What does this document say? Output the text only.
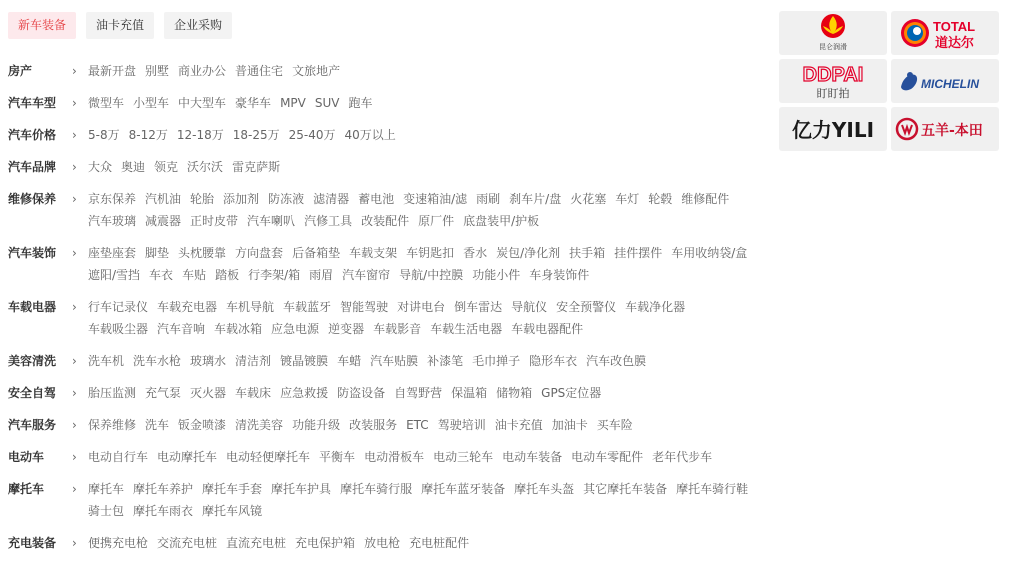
新车装备	油卡充值	企业采购
房产	› 最新开盘 别墅 商业办公 普通住宅 文旅地产
汽车车型	› 微型车 小型车 中大型车 豪华车 MPV SUV 跑车
汽车价格	› 5-8万 8-12万 12-18万 18-25万 25-40万 40万以上
汽车品牌	› 大众 奥迪 领克 沃尔沃 雷克萨斯
维修保养	› 京东保养 汽机油 轮胎 添加剂 防冻液 滤清器 蓄电池 变速箱油/滤 雨刷 刹车片/盘 火花塞 车灯 轮毂 维修配件
汽车玻璃 减震器 正时皮带 汽车喇叭 汽修工具 改装配件 原厂件 底盘装甲/护板
汽车装饰	› 座垫座套 脚垫 头枕腰靠 方向盘套 后备箱垫 车载支架 车钥匙扣 香水 炭包/净化剂 扶手箱 挂件摆件 车用收纳袋/盒
遮阳/雪挡 车衣 车贴 踏板 行李架/箱 雨眉 汽车窗帘 导航/中控膜 功能小件 车身装饰件
车载电器	› 行车记录仪 车载充电器 车机导航 车载蓝牙 智能驾驶 对讲电台 倒车雷达 导航仪 安全预警仪 车载净化器
车载吸尘器 汽车音响 车载冰箱 应急电源 逆变器 车载影音 车载生活电器 车载电器配件
美容清洗	› 洗车机 洗车水枪 玻璃水 清洁剂 镀晶镀膜 车蜡 汽车贴膜 补漆笔 毛巾掸子 隐形车衣 汽车改色膜
安全自驾	› 胎压监测 充气泵 灭火器 车载床 应急救援 防盗设备 自驾野营 保温箱 储物箱 GPS定位器
汽车服务	› 保养维修 洗车 钣金喷漆 清洗美容 功能升级 改装服务 ETC 驾驶培训 油卡充值 加油卡 买车险
电动车	› 电动自行车 电动摩托车 电动轻便摩托车 平衡车 电动滑板车 电动三轮车 电动车装备 电动车零配件 老年代步车
摩托车	› 摩托车 摩托车养护 摩托车手套 摩托车护具 摩托车骑行服 摩托车蓝牙装备 摩托车头盔 其它摩托车装备 摩托车骑行鞋
骑士包 摩托车雨衣 摩托车风镜
充电装备	› 便携充电枪 交流充电桩 直流充电桩 充电保护箱 放电枪 充电桩配件
昆仑润滑
TOTAL
道达尔
DDPAI
盯盯拍
MICHELIN
亿力YILI	五羊-本田
